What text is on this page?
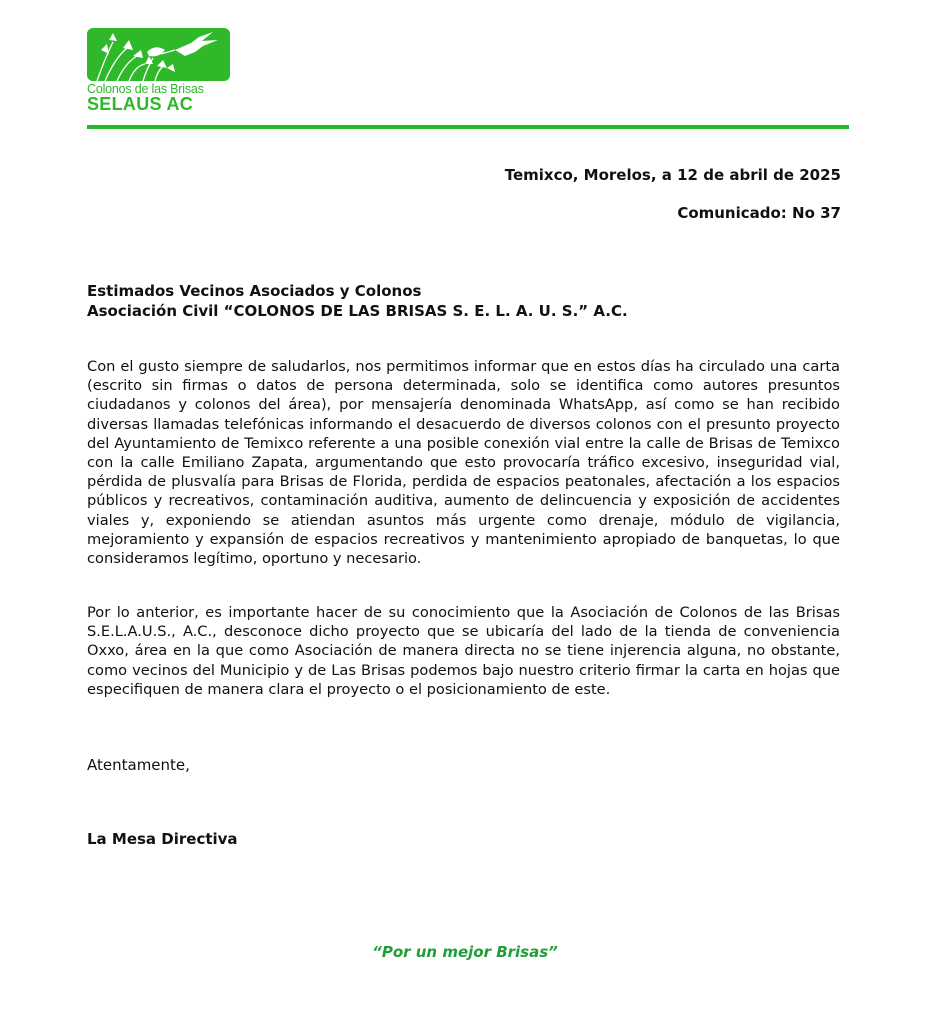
Colonos de las Brisas
SELAUS AC
Temixco, Morelos, a 12 de abril de 2025
Comunicado: No 37
Estimados Vecinos Asociados y Colonos
Asociación Civil “COLONOS DE LAS BRISAS S. E. L. A. U. S.” A.C.
Con el gusto siempre de saludarlos, nos permitimos informar que en estos días ha circulado una carta (escrito sin firmas o datos de persona determinada, solo se identifica como autores presuntos ciudadanos y colonos del área), por mensajería denominada WhatsApp, así como se han recibido diversas llamadas telefónicas informando el desacuerdo de diversos colonos con el presunto proyecto del Ayuntamiento de Temixco referente a una posible conexión vial entre la calle de Brisas de Temixco con la calle Emiliano Zapata, argumentando que esto provocaría tráfico excesivo, inseguridad vial, pérdida de plusvalía para Brisas de Florida, perdida de espacios peatonales, afectación a los espacios públicos y recreativos, contaminación auditiva, aumento de delincuencia y exposición de accidentes viales y, exponiendo se atiendan asuntos más urgente como drenaje, módulo de vigilancia, mejoramiento y expansión de espacios recreativos y mantenimiento apropiado de banquetas, lo que consideramos legítimo, oportuno y necesario.
Por lo anterior, es importante hacer de su conocimiento que la Asociación de Colonos de las Brisas S.E.L.A.U.S., A.C., desconoce dicho proyecto que se ubicaría del lado de la tienda de conveniencia Oxxo, área en la que como Asociación de manera directa no se tiene injerencia alguna, no obstante, como vecinos del Municipio y de Las Brisas podemos bajo nuestro criterio firmar la carta en hojas que especifiquen de manera clara el proyecto o el posicionamiento de este.
Atentamente,
La Mesa Directiva
“Por un mejor Brisas”
